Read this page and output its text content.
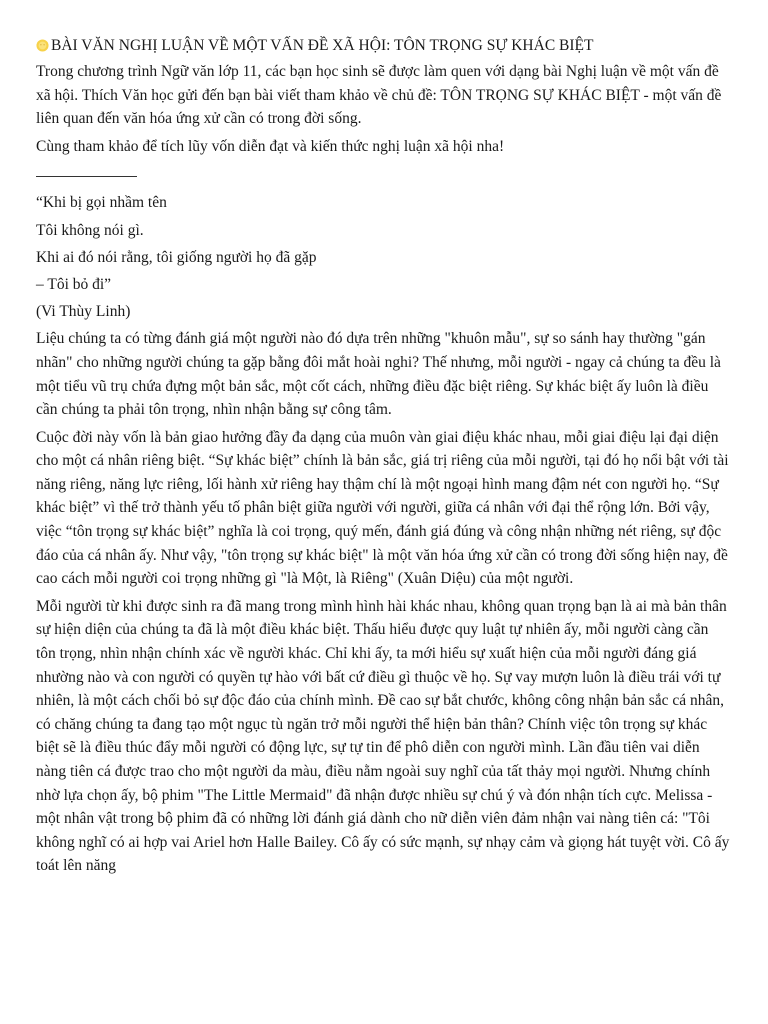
BÀI VĂN NGHỊ LUẬN VỀ MỘT VẤN ĐỀ XÃ HỘI: TÔN TRỌNG SỰ KHÁC BIỆT

Trong chương trình Ngữ văn lớp 11, các bạn học sinh sẽ được làm quen với dạng bài Nghị luận về một vấn đề xã hội. Thích Văn học gửi đến bạn bài viết tham khảo về chủ đề: TÔN TRỌNG SỰ KHÁC BIỆT - một vấn đề liên quan đến văn hóa ứng xử cần có trong đời sống.

Cùng tham khảo để tích lũy vốn diễn đạt và kiến thức nghị luận xã hội nha!

“Khi bị gọi nhầm tên

Tôi không nói gì.

Khi ai đó nói rằng, tôi giống người họ đã gặp

– Tôi bỏ đi”

(Vi Thùy Linh)

Liệu chúng ta có từng đánh giá một người nào đó dựa trên những "khuôn mẫu", sự so sánh hay thường "gán nhãn" cho những người chúng ta gặp bằng đôi mắt hoài nghi? Thế nhưng, mỗi người - ngay cả chúng ta đều là một tiểu vũ trụ chứa đựng một bản sắc, một cốt cách, những điều đặc biệt riêng. Sự khác biệt ấy luôn là điều cần chúng ta phải tôn trọng, nhìn nhận bằng sự công tâm.

Cuộc đời này vốn là bản giao hưởng đầy đa dạng của muôn vàn giai điệu khác nhau, mỗi giai điệu lại đại diện cho một cá nhân riêng biệt. “Sự khác biệt” chính là bản sắc, giá trị riêng của mỗi người, tại đó họ nổi bật với tài năng riêng, năng lực riêng, lối hành xử riêng hay thậm chí là một ngoại hình mang đậm nét con người họ. “Sự khác biệt” vì thế trở thành yếu tố phân biệt giữa người với người, giữa cá nhân với đại thể rộng lớn. Bởi vậy, việc “tôn trọng sự khác biệt” nghĩa là coi trọng, quý mến, đánh giá đúng và công nhận những nét riêng, sự độc đáo của cá nhân ấy. Như vậy, "tôn trọng sự khác biệt" là một văn hóa ứng xử cần có trong đời sống hiện nay, đề cao cách mỗi người coi trọng những gì "là Một, là Riêng" (Xuân Diệu) của một người.

Mỗi người từ khi được sinh ra đã mang trong mình hình hài khác nhau, không quan trọng bạn là ai mà bản thân sự hiện diện của chúng ta đã là một điều khác biệt. Thấu hiểu được quy luật tự nhiên ấy, mỗi người càng cần tôn trọng, nhìn nhận chính xác về người khác. Chỉ khi ấy, ta mới hiểu sự xuất hiện của mỗi người đáng giá nhường nào và con người có quyền tự hào với bất cứ điều gì thuộc về họ. Sự vay mượn luôn là điều trái với tự nhiên, là một cách chối bỏ sự độc đáo của chính mình. Đề cao sự bắt chước, không công nhận bản sắc cá nhân, có chăng chúng ta đang tạo một ngục tù ngăn trở mỗi người thể hiện bản thân? Chính việc tôn trọng sự khác biệt sẽ là điều thúc đẩy mỗi người có động lực, sự tự tin để phô diễn con người mình. Lần đầu tiên vai diễn nàng tiên cá được trao cho một người da màu, điều nằm ngoài suy nghĩ của tất thảy mọi người. Nhưng chính nhờ lựa chọn ấy, bộ phim "The Little Mermaid" đã nhận được nhiều sự chú ý và đón nhận tích cực. Melissa - một nhân vật trong bộ phim đã có những lời đánh giá dành cho nữ diễn viên đảm nhận vai nàng tiên cá: "Tôi không nghĩ có ai hợp vai Ariel hơn Halle Bailey. Cô ấy có sức mạnh, sự nhạy cảm và giọng hát tuyệt vời. Cô ấy toát lên năng
